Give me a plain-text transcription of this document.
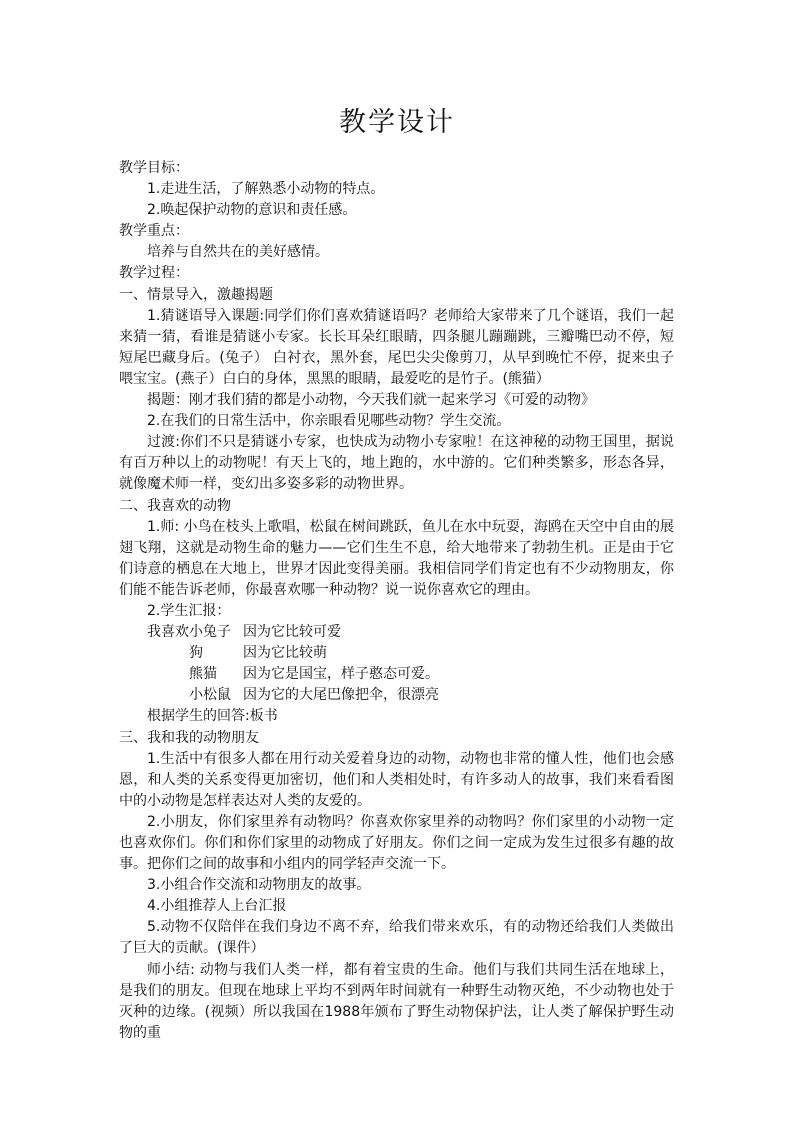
教学设计

教学目标：

1.走进生活，了解熟悉小动物的特点。

2.唤起保护动物的意识和责任感。

教学重点：

培养与自然共在的美好感情。

教学过程：

一、情景导入，激趣揭题

1.猜谜语导入课题:同学们你们喜欢猜谜语吗？老师给大家带来了几个谜语，我们一起来猜一猜，看谁是猜谜小专家。长长耳朵红眼睛，四条腿儿蹦蹦跳，三瓣嘴巴动不停，短短尾巴藏身后。(兔子） 白衬衣，黑外套，尾巴尖尖像剪刀，从早到晚忙不停，捉来虫子喂宝宝。(燕子）白白的身体，黑黑的眼睛，最爱吃的是竹子。(熊猫）

揭题：刚才我们猜的都是小动物，今天我们就一起来学习《可爱的动物》

2.在我们的日常生活中，你亲眼看见哪些动物？学生交流。

过渡:你们不只是猜谜小专家，也快成为动物小专家啦！在这神秘的动物王国里，据说有百万种以上的动物呢！有天上飞的，地上跑的，水中游的。它们种类繁多，形态各异，就像魔术师一样，变幻出多姿多彩的动物世界。

二、我喜欢的动物

1.师: 小鸟在枝头上歌唱，松鼠在树间跳跃，鱼儿在水中玩耍，海鸥在天空中自由的展翅飞翔，这就是动物生命的魅力——它们生生不息，给大地带来了勃勃生机。正是由于它们诗意的栖息在大地上，世界才因此变得美丽。我相信同学们肯定也有不少动物朋友，你们能不能告诉老师，你最喜欢哪一种动物？说一说你喜欢它的理由。

2.学生汇报：

我喜欢小兔子 因为它比较可爱
狗	因为它比较萌
熊猫	因为它是国宝，样子憨态可爱。
小松鼠 因为它的大尾巴像把伞，很漂亮

根据学生的回答:板书

三、我和我的动物朋友

1.生活中有很多人都在用行动关爱着身边的动物，动物也非常的懂人性，他们也会感恩，和人类的关系变得更加密切，他们和人类相处时，有许多动人的故事，我们来看看图中的小动物是怎样表达对人类的友爱的。

2.小朋友，你们家里养有动物吗？你喜欢你家里养的动物吗？你们家里的小动物一定也喜欢你们。你们和你们家里的动物成了好朋友。你们之间一定成为发生过很多有趣的故事。把你们之间的故事和小组内的同学轻声交流一下。

3.小组合作交流和动物朋友的故事。

4.小组推荐人上台汇报

5.动物不仅陪伴在我们身边不离不弃，给我们带来欢乐，有的动物还给我们人类做出了巨大的贡献。(课件）

师小结: 动物与我们人类一样，都有着宝贵的生命。他们与我们共同生活在地球上，是我们的朋友。但现在地球上平均不到两年时间就有一种野生动物灭绝，不少动物也处于灭种的边缘。(视频）所以我国在1988年颁布了野生动物保护法，让人类了解保护野生动物的重
